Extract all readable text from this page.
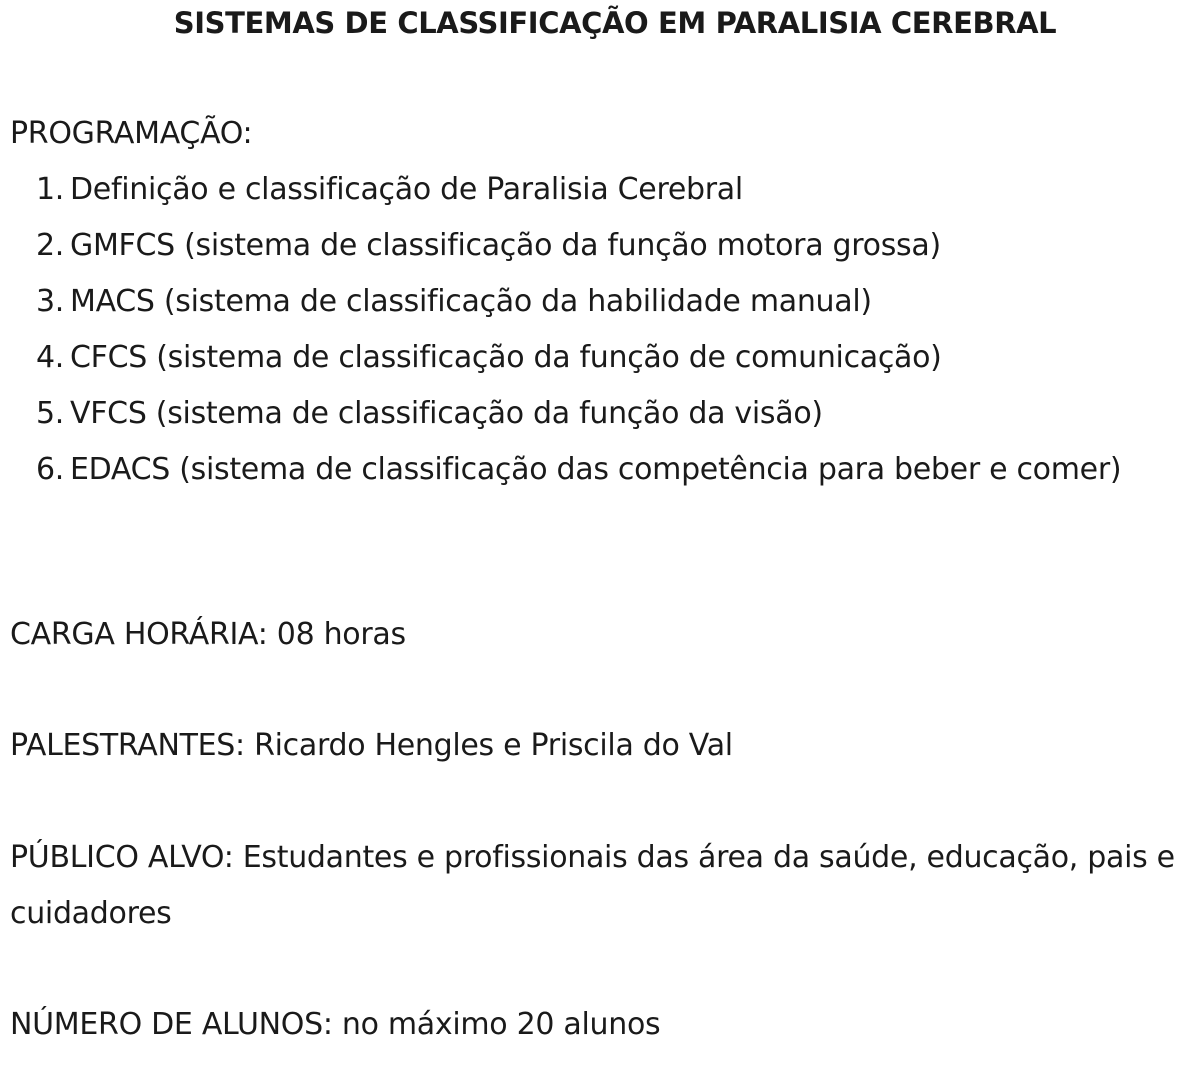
SISTEMAS DE CLASSIFICAÇÃO EM PARALISIA CEREBRAL
PROGRAMAÇÃO:
1. Definição e classificação de Paralisia Cerebral
2. GMFCS (sistema de classificação da função motora grossa)
3. MACS (sistema de classificação da habilidade manual)
4. CFCS (sistema de classificação da função de comunicação)
5. VFCS (sistema de classificação da função da visão)
6. EDACS (sistema de classificação das competência para beber e comer)
CARGA HORÁRIA: 08 horas
PALESTRANTES: Ricardo Hengles e Priscila do Val
PÚBLICO ALVO: Estudantes e profissionais das área da saúde, educação, pais e cuidadores
NÚMERO DE ALUNOS: no máximo 20 alunos
